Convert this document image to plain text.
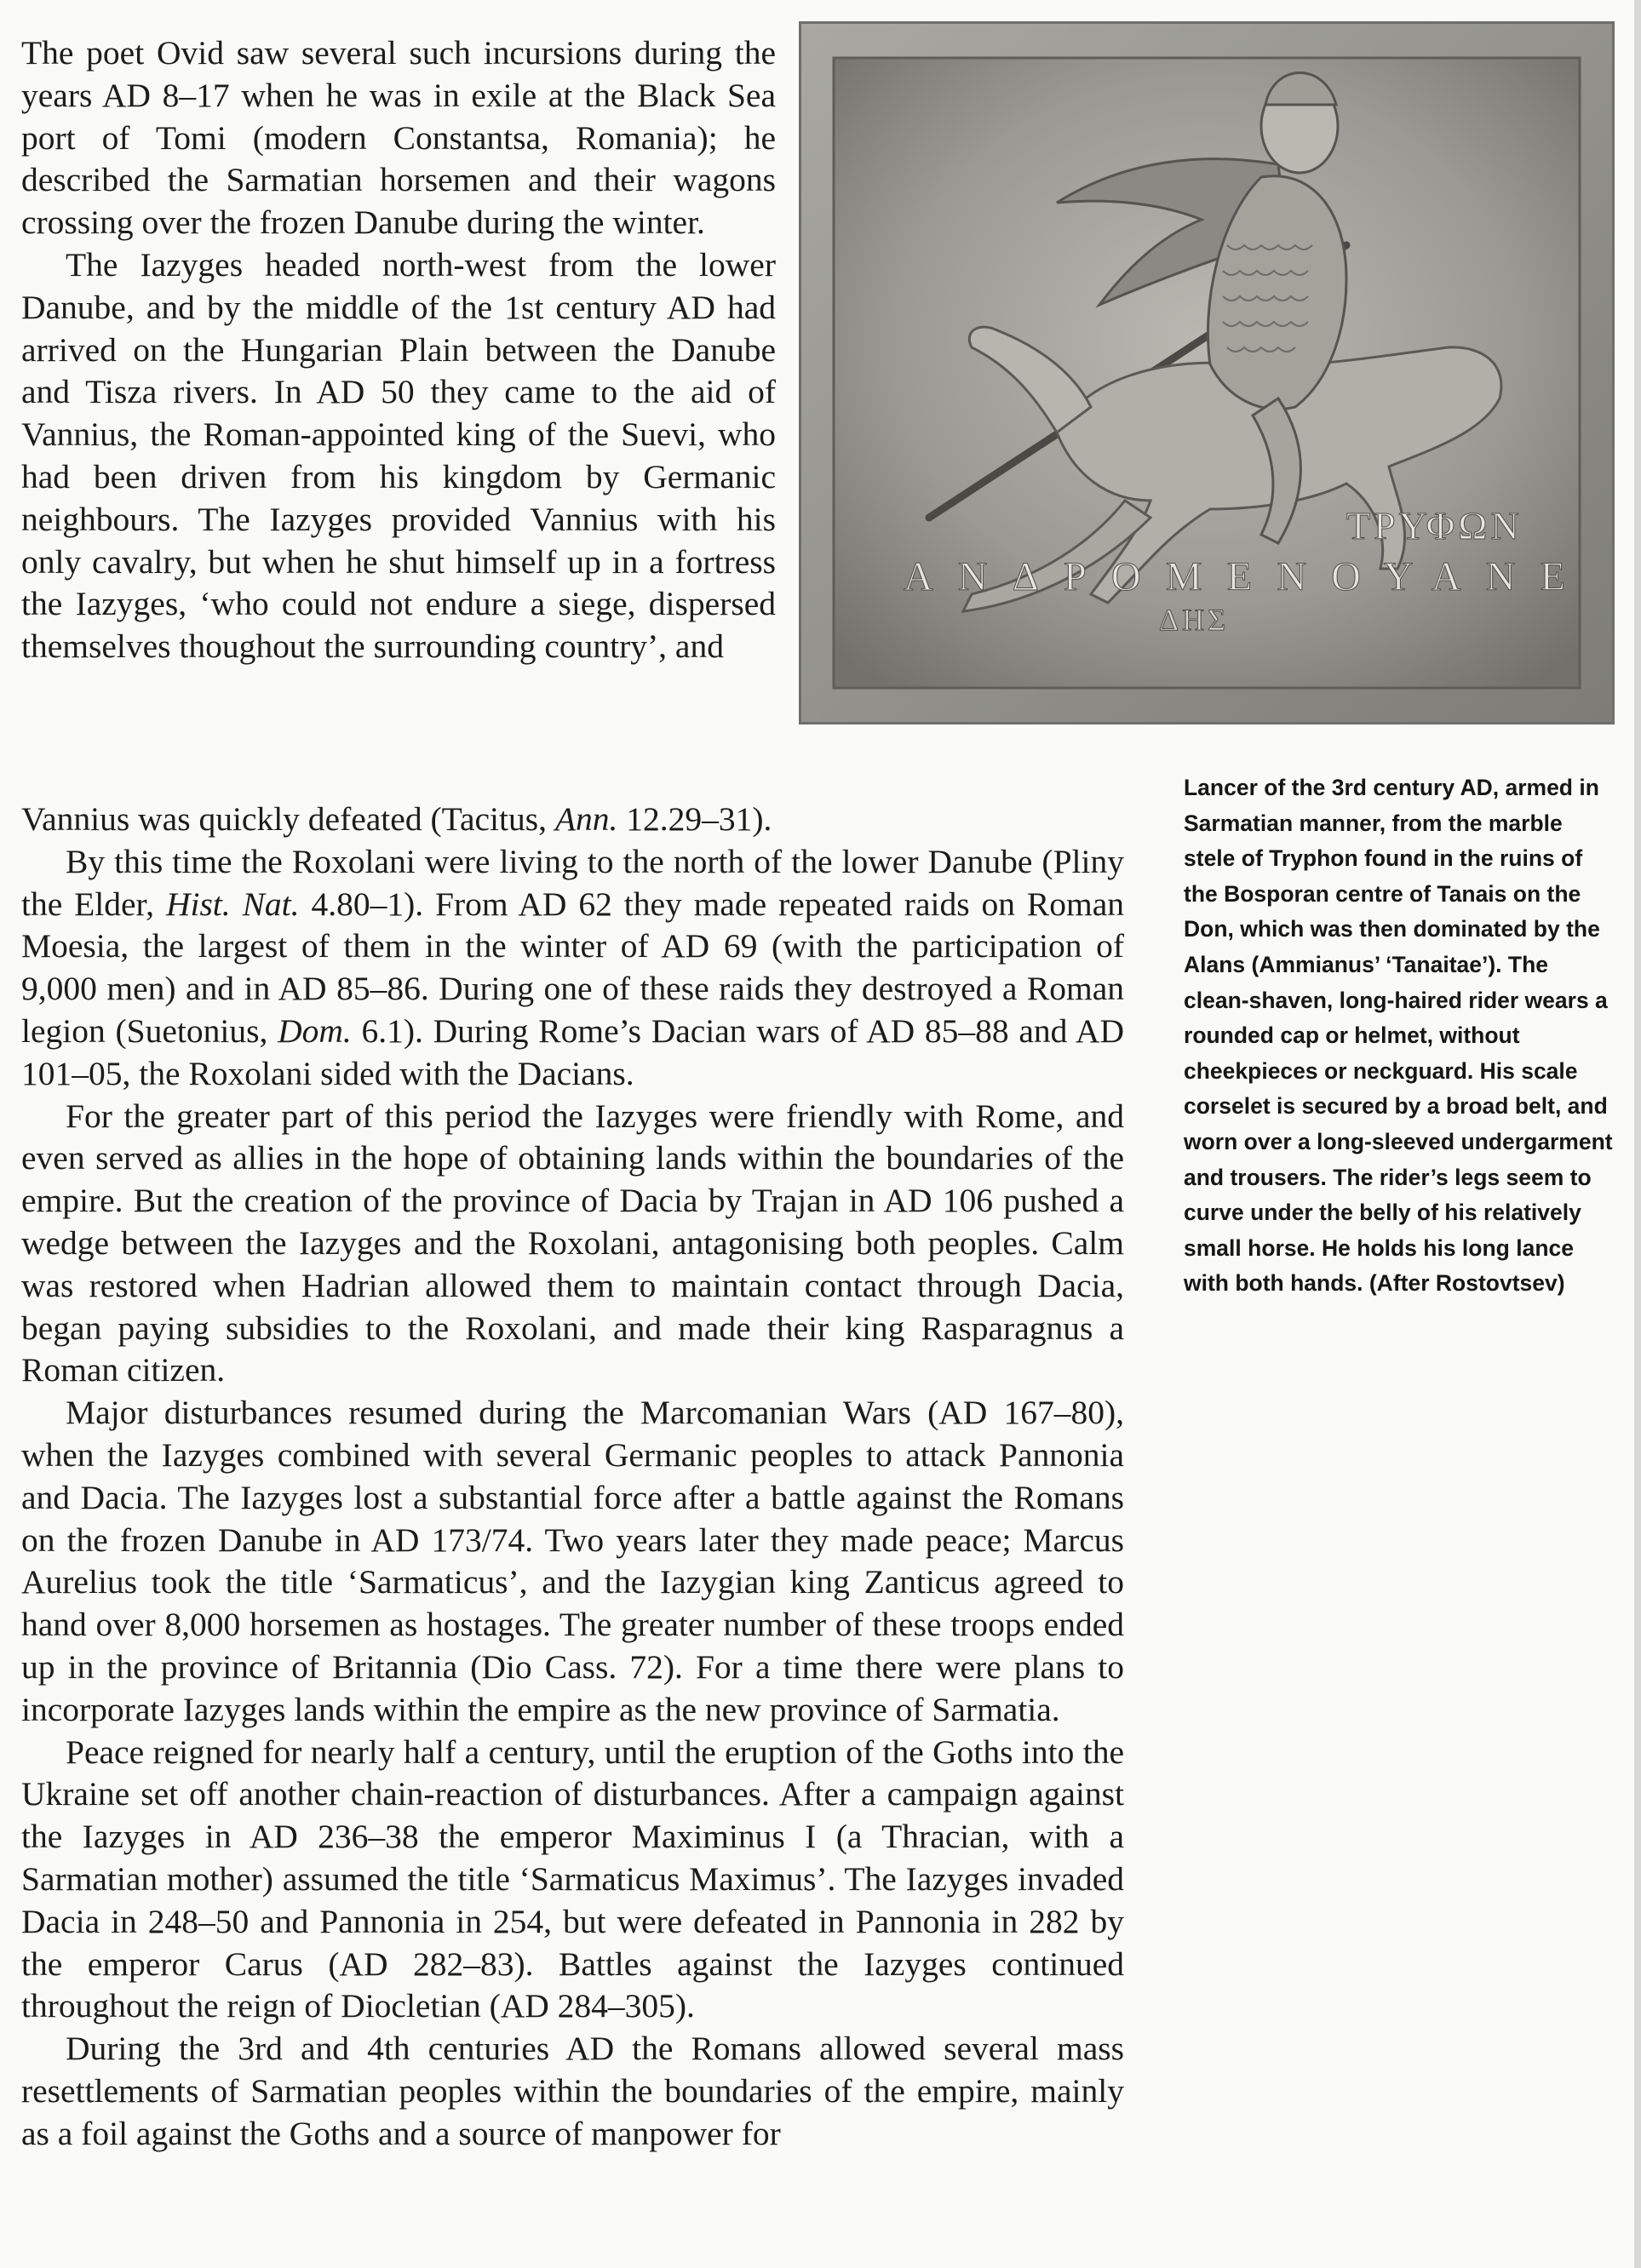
The poet Ovid saw several such incursions during the years AD 8–17 when he was in exile at the Black Sea port of Tomi (modern Constantsa, Romania); he described the Sarmatian horsemen and their wagons crossing over the frozen Danube during the winter.

The Iazyges headed north-west from the lower Danube, and by the middle of the 1st century AD had arrived on the Hungarian Plain between the Danube and Tisza rivers. In AD 50 they came to the aid of Vannius, the Roman-appointed king of the Suevi, who had been driven from his kingdom by Germanic neighbours. The Iazyges provided Vannius with his only cavalry, but when he shut himself up in a fortress the Iazyges, ‘who could not endure a siege, dispersed themselves thoughout the surrounding country’, and

ΤΡΥΦΩΝ
ΑΝΔΡΟΜΕΝΟΥΑΝΕ
ΔΗΣ

Lancer of the 3rd century AD, armed in Sarmatian manner, from the marble stele of Tryphon found in the ruins of the Bosporan centre of Tanais on the Don, which was then dominated by the Alans (Ammianus’ ‘Tanaitae’). The clean-shaven, long-haired rider wears a rounded cap or helmet, without cheekpieces or neckguard. His scale corselet is secured by a broad belt, and worn over a long-sleeved undergarment and trousers. The rider’s legs seem to curve under the belly of his relatively small horse. He holds his long lance with both hands. (After Rostovtsev)

Vannius was quickly defeated (Tacitus, Ann. 12.29–31).

By this time the Roxolani were living to the north of the lower Danube (Pliny the Elder, Hist. Nat. 4.80–1). From AD 62 they made repeated raids on Roman Moesia, the largest of them in the winter of AD 69 (with the participation of 9,000 men) and in AD 85–86. During one of these raids they destroyed a Roman legion (Suetonius, Dom. 6.1). During Rome’s Dacian wars of AD 85–88 and AD 101–05, the Roxolani sided with the Dacians.

For the greater part of this period the Iazyges were friendly with Rome, and even served as allies in the hope of obtaining lands within the boundaries of the empire. But the creation of the province of Dacia by Trajan in AD 106 pushed a wedge between the Iazyges and the Roxolani, antagonising both peoples. Calm was restored when Hadrian allowed them to maintain contact through Dacia, began paying subsidies to the Roxolani, and made their king Rasparagnus a Roman citizen.

Major disturbances resumed during the Marcomanian Wars (AD 167–80), when the Iazyges combined with several Germanic peoples to attack Pannonia and Dacia. The Iazyges lost a substantial force after a battle against the Romans on the frozen Danube in AD 173/74. Two years later they made peace; Marcus Aurelius took the title ‘Sarmaticus’, and the Iazygian king Zanticus agreed to hand over 8,000 horsemen as hostages. The greater number of these troops ended up in the province of Britannia (Dio Cass. 72). For a time there were plans to incorporate Iazyges lands within the empire as the new province of Sarmatia.

Peace reigned for nearly half a century, until the eruption of the Goths into the Ukraine set off another chain-reaction of disturbances. After a campaign against the Iazyges in AD 236–38 the emperor Maximinus I (a Thracian, with a Sarmatian mother) assumed the title ‘Sarmaticus Maximus’. The Iazyges invaded Dacia in 248–50 and Pannonia in 254, but were defeated in Pannonia in 282 by the emperor Carus (AD 282–83). Battles against the Iazyges continued throughout the reign of Diocletian (AD 284–305).

During the 3rd and 4th centuries AD the Romans allowed several mass resettlements of Sarmatian peoples within the boundaries of the empire, mainly as a foil against the Goths and a source of manpower for
